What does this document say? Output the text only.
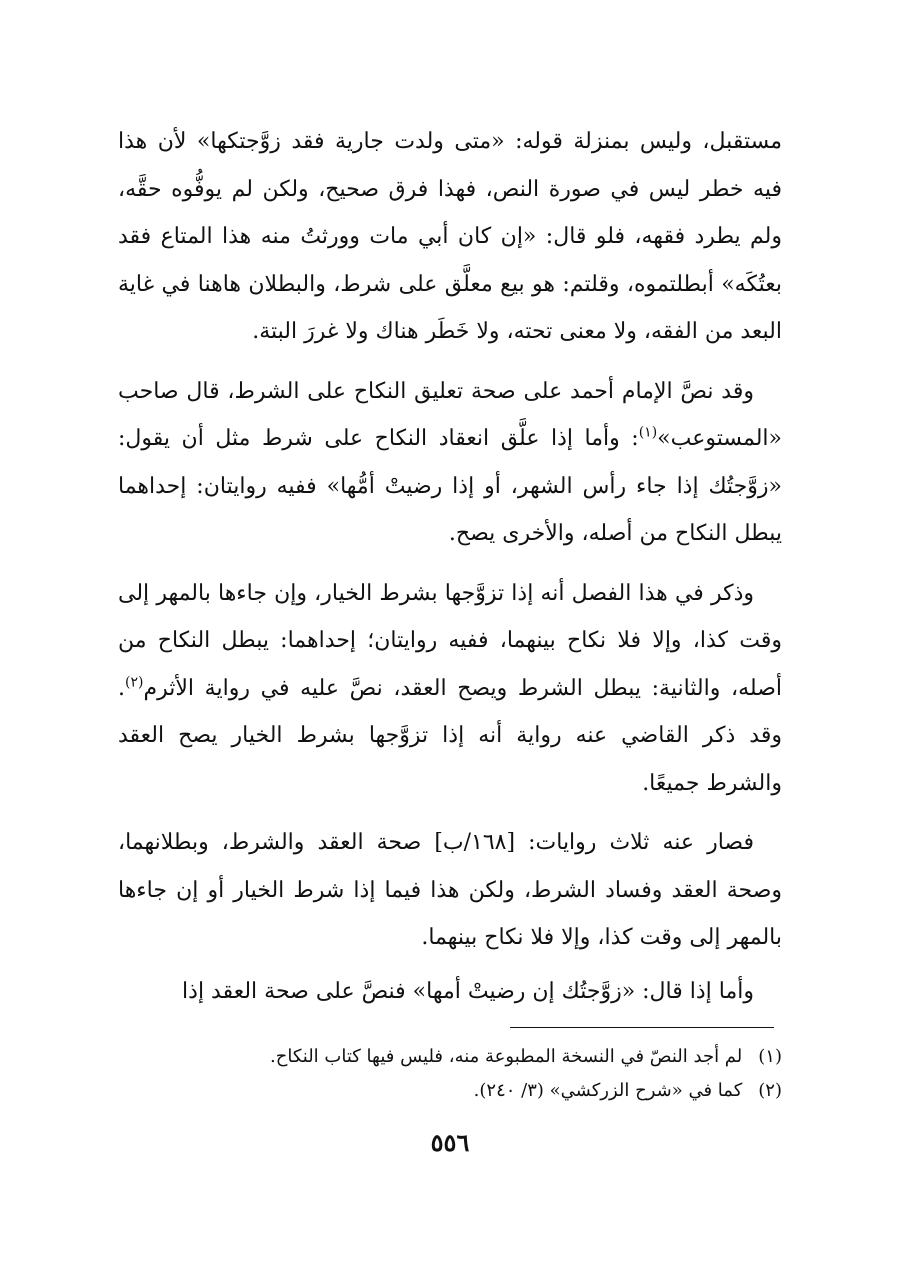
مستقبل، وليس بمنزلة قوله: «متى ولدت جارية فقد زوَّجتكها» لأن هذا فيه خطر ليس في صورة النص، فهذا فرق صحيح، ولكن لم يوفُّوه حقَّه، ولم يطرد فقهه، فلو قال: «إن كان أبي مات وورثتُ منه هذا المتاع فقد بعتُكَه» أبطلتموه، وقلتم: هو بيع معلَّق على شرط، والبطلان هاهنا في غاية البعد من الفقه، ولا معنى تحته، ولا خَطَر هناك ولا غررَ البتة.

وقد نصَّ الإمام أحمد على صحة تعليق النكاح على الشرط، قال صاحب «المستوعب»$^{(١)}$: وأما إذا علَّق انعقاد النكاح على شرط مثل أن يقول: «زوَّجتُك إذا جاء رأس الشهر، أو إذا رضيتْ أمُّها» ففيه روايتان: إحداهما يبطل النكاح من أصله، والأخرى يصح.

وذكر في هذا الفصل أنه إذا تزوَّجها بشرط الخيار، وإن جاءها بالمهر إلى وقت كذا، وإلا فلا نكاح بينهما، ففيه روايتان؛ إحداهما: يبطل النكاح من أصله، والثانية: يبطل الشرط ويصح العقد، نصَّ عليه في رواية الأثرم$^{(٢)}$. وقد ذكر القاضي عنه رواية أنه إذا تزوَّجها بشرط الخيار يصح العقد والشرط جميعًا.

فصار عنه ثلاث روايات: [١٦٨/ب] صحة العقد والشرط، وبطلانهما، وصحة العقد وفساد الشرط، ولكن هذا فيما إذا شرط الخيار أو إن جاءها بالمهر إلى وقت كذا، وإلا فلا نكاح بينهما.

وأما إذا قال: «زوَّجتُك إن رضيتْ أمها» فنصَّ على صحة العقد إذا

(١) لم أجد النصّ في النسخة المطبوعة منه، فليس فيها كتاب النكاح.

(٢) كما في «شرح الزركشي» (٣/ ٢٤٠).

٥٥٦
